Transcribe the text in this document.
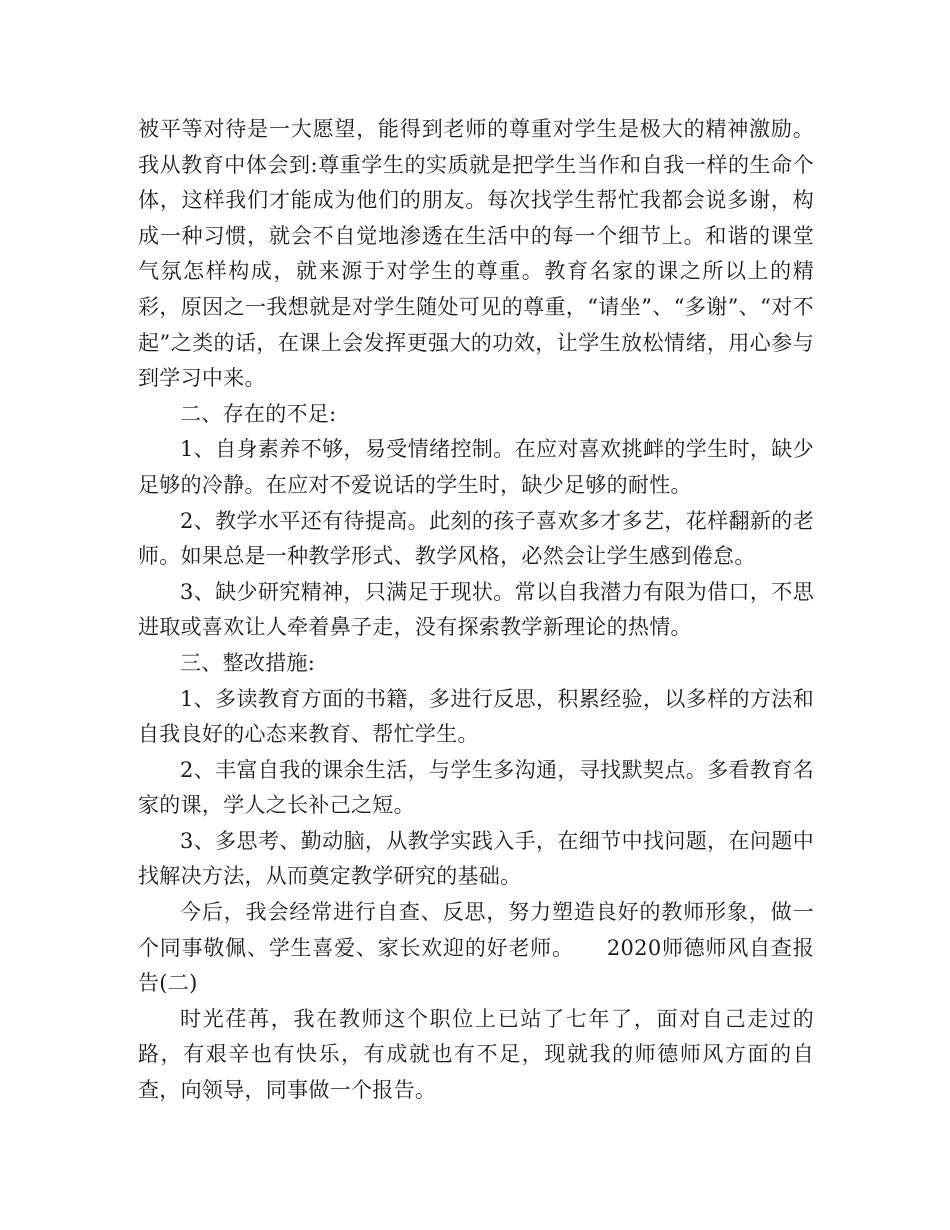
被平等对待是一大愿望，能得到老师的尊重对学生是极大的精神激励。我从教育中体会到:尊重学生的实质就是把学生当作和自我一样的生命个体，这样我们才能成为他们的朋友。每次找学生帮忙我都会说多谢，构成一种习惯，就会不自觉地渗透在生活中的每一个细节上。和谐的课堂气氛怎样构成，就来源于对学生的尊重。教育名家的课之所以上的精彩，原因之一我想就是对学生随处可见的尊重，“请坐”、“多谢”、“对不起”之类的话，在课上会发挥更强大的功效，让学生放松情绪，用心参与到学习中来。

二、存在的不足:

1、自身素养不够，易受情绪控制。在应对喜欢挑衅的学生时，缺少足够的冷静。在应对不爱说话的学生时，缺少足够的耐性。

2、教学水平还有待提高。此刻的孩子喜欢多才多艺，花样翻新的老师。如果总是一种教学形式、教学风格，必然会让学生感到倦怠。

3、缺少研究精神，只满足于现状。常以自我潜力有限为借口，不思进取或喜欢让人牵着鼻子走，没有探索教学新理论的热情。

三、整改措施:

1、多读教育方面的书籍，多进行反思，积累经验，以多样的方法和自我良好的心态来教育、帮忙学生。

2、丰富自我的课余生活，与学生多沟通，寻找默契点。多看教育名家的课，学人之长补己之短。

3、多思考、勤动脑，从教学实践入手，在细节中找问题，在问题中找解决方法，从而奠定教学研究的基础。

今后，我会经常进行自查、反思，努力塑造良好的教师形象，做一个同事敬佩、学生喜爱、家长欢迎的好老师。　　2020师德师风自查报告(二)

时光荏苒，我在教师这个职位上已站了七年了，面对自己走过的路，有艰辛也有快乐，有成就也有不足，现就我的师德师风方面的自查，向领导，同事做一个报告。
